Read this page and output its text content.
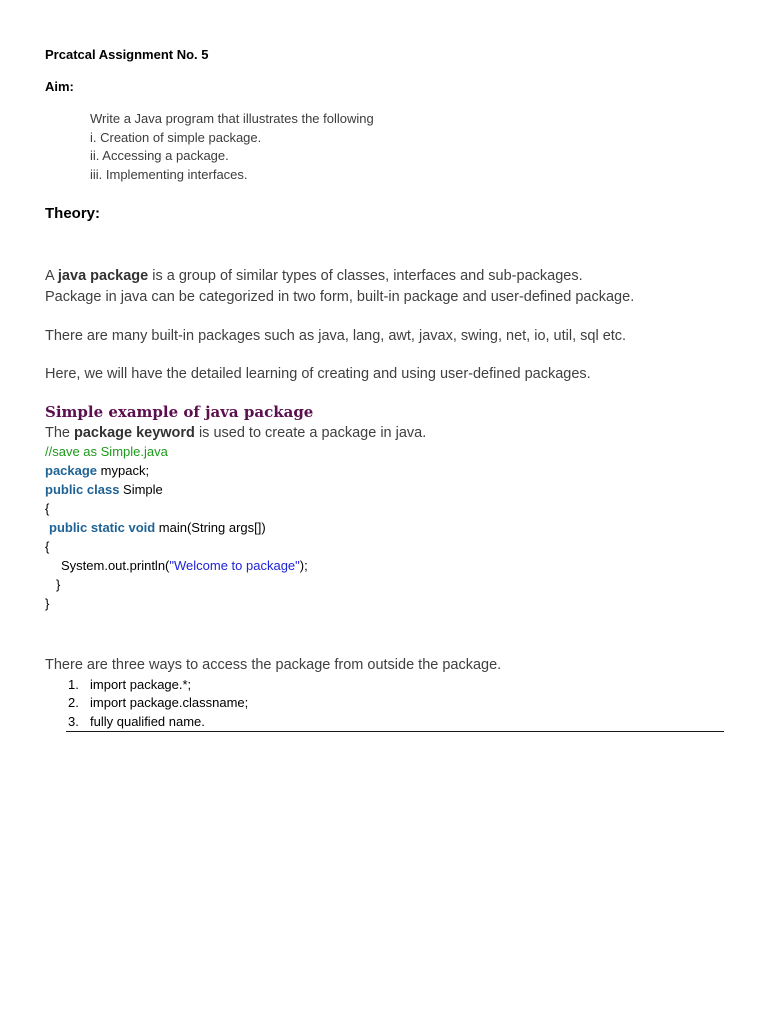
Prcatcal Assignment No. 5
Aim:
Write a Java program that illustrates the following
i. Creation of simple package.
ii. Accessing a package.
iii. Implementing interfaces.
Theory:
A java package is a group of similar types of classes, interfaces and sub-packages.
Package in java can be categorized in two form, built-in package and user-defined package.
There are many built-in packages such as java, lang, awt, javax, swing, net, io, util, sql etc.
Here, we will have the detailed learning of creating and using user-defined packages.
Simple example of java package
The package keyword is used to create a package in java.
//save as Simple.java
package mypack;
public class Simple
{
public static void main(String args[])
{
System.out.println("Welcome to package");
}
}
There are three ways to access the package from outside the package.
1. import package.*;
2. import package.classname;
3. fully qualified name.
